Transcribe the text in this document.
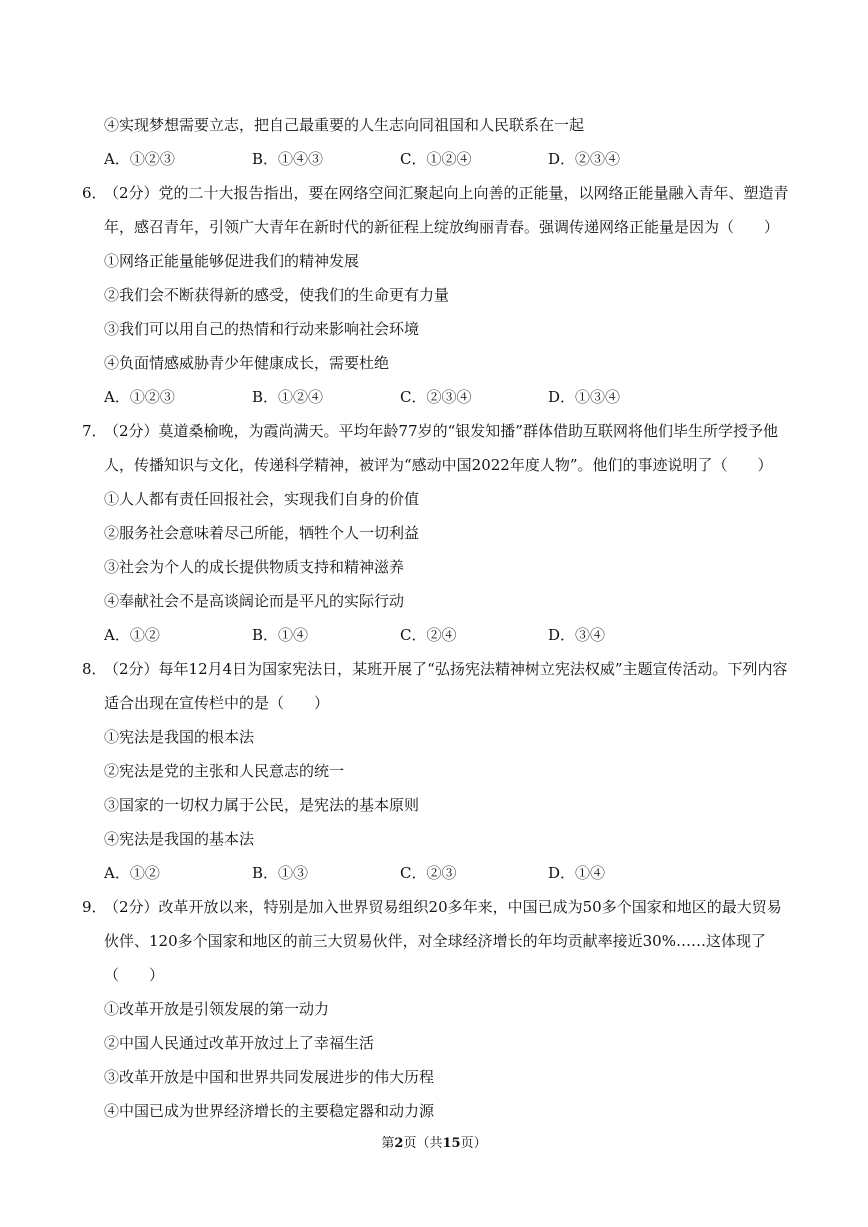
④实现梦想需要立志，把自己最重要的人生志向同祖国和人民联系在一起
A．①②③	B．①④③	C．①②④	D．②③④
6．（2分）党的二十大报告指出，要在网络空间汇聚起向上向善的正能量，以网络正能量融入青年、塑造青年，感召青年，引领广大青年在新时代的新征程上绽放绚丽青春。强调传递网络正能量是因为（　　）
①网络正能量能够促进我们的精神发展
②我们会不断获得新的感受，使我们的生命更有力量
③我们可以用自己的热情和行动来影响社会环境
④负面情感威胁青少年健康成长，需要杜绝
A．①②③	B．①②④	C．②③④	D．①③④
7．（2分）莫道桑榆晚，为霞尚满天。平均年龄77岁的“银发知播”群体借助互联网将他们毕生所学授予他人，传播知识与文化，传递科学精神，被评为“感动中国2022年度人物”。他们的事迹说明了（　　）
①人人都有责任回报社会，实现我们自身的价值
②服务社会意味着尽己所能，牺牲个人一切利益
③社会为个人的成长提供物质支持和精神滋养
④奉献社会不是高谈阔论而是平凡的实际行动
A．①②	B．①④	C．②④	D．③④
8．（2分）每年12月4日为国家宪法日，某班开展了“弘扬宪法精神树立宪法权威”主题宣传活动。下列内容适合出现在宣传栏中的是（　　）
①宪法是我国的根本法
②宪法是党的主张和人民意志的统一
③国家的一切权力属于公民，是宪法的基本原则
④宪法是我国的基本法
A．①②	B．①③	C．②③	D．①④
9．（2分）改革开放以来，特别是加入世界贸易组织20多年来，中国已成为50多个国家和地区的最大贸易伙伴、120多个国家和地区的前三大贸易伙伴，对全球经济增长的年均贡献率接近30%……这体现了（　　）
①改革开放是引领发展的第一动力
②中国人民通过改革开放过上了幸福生活
③改革开放是中国和世界共同发展进步的伟大历程
④中国已成为世界经济增长的主要稳定器和动力源
第2页（共15页）
